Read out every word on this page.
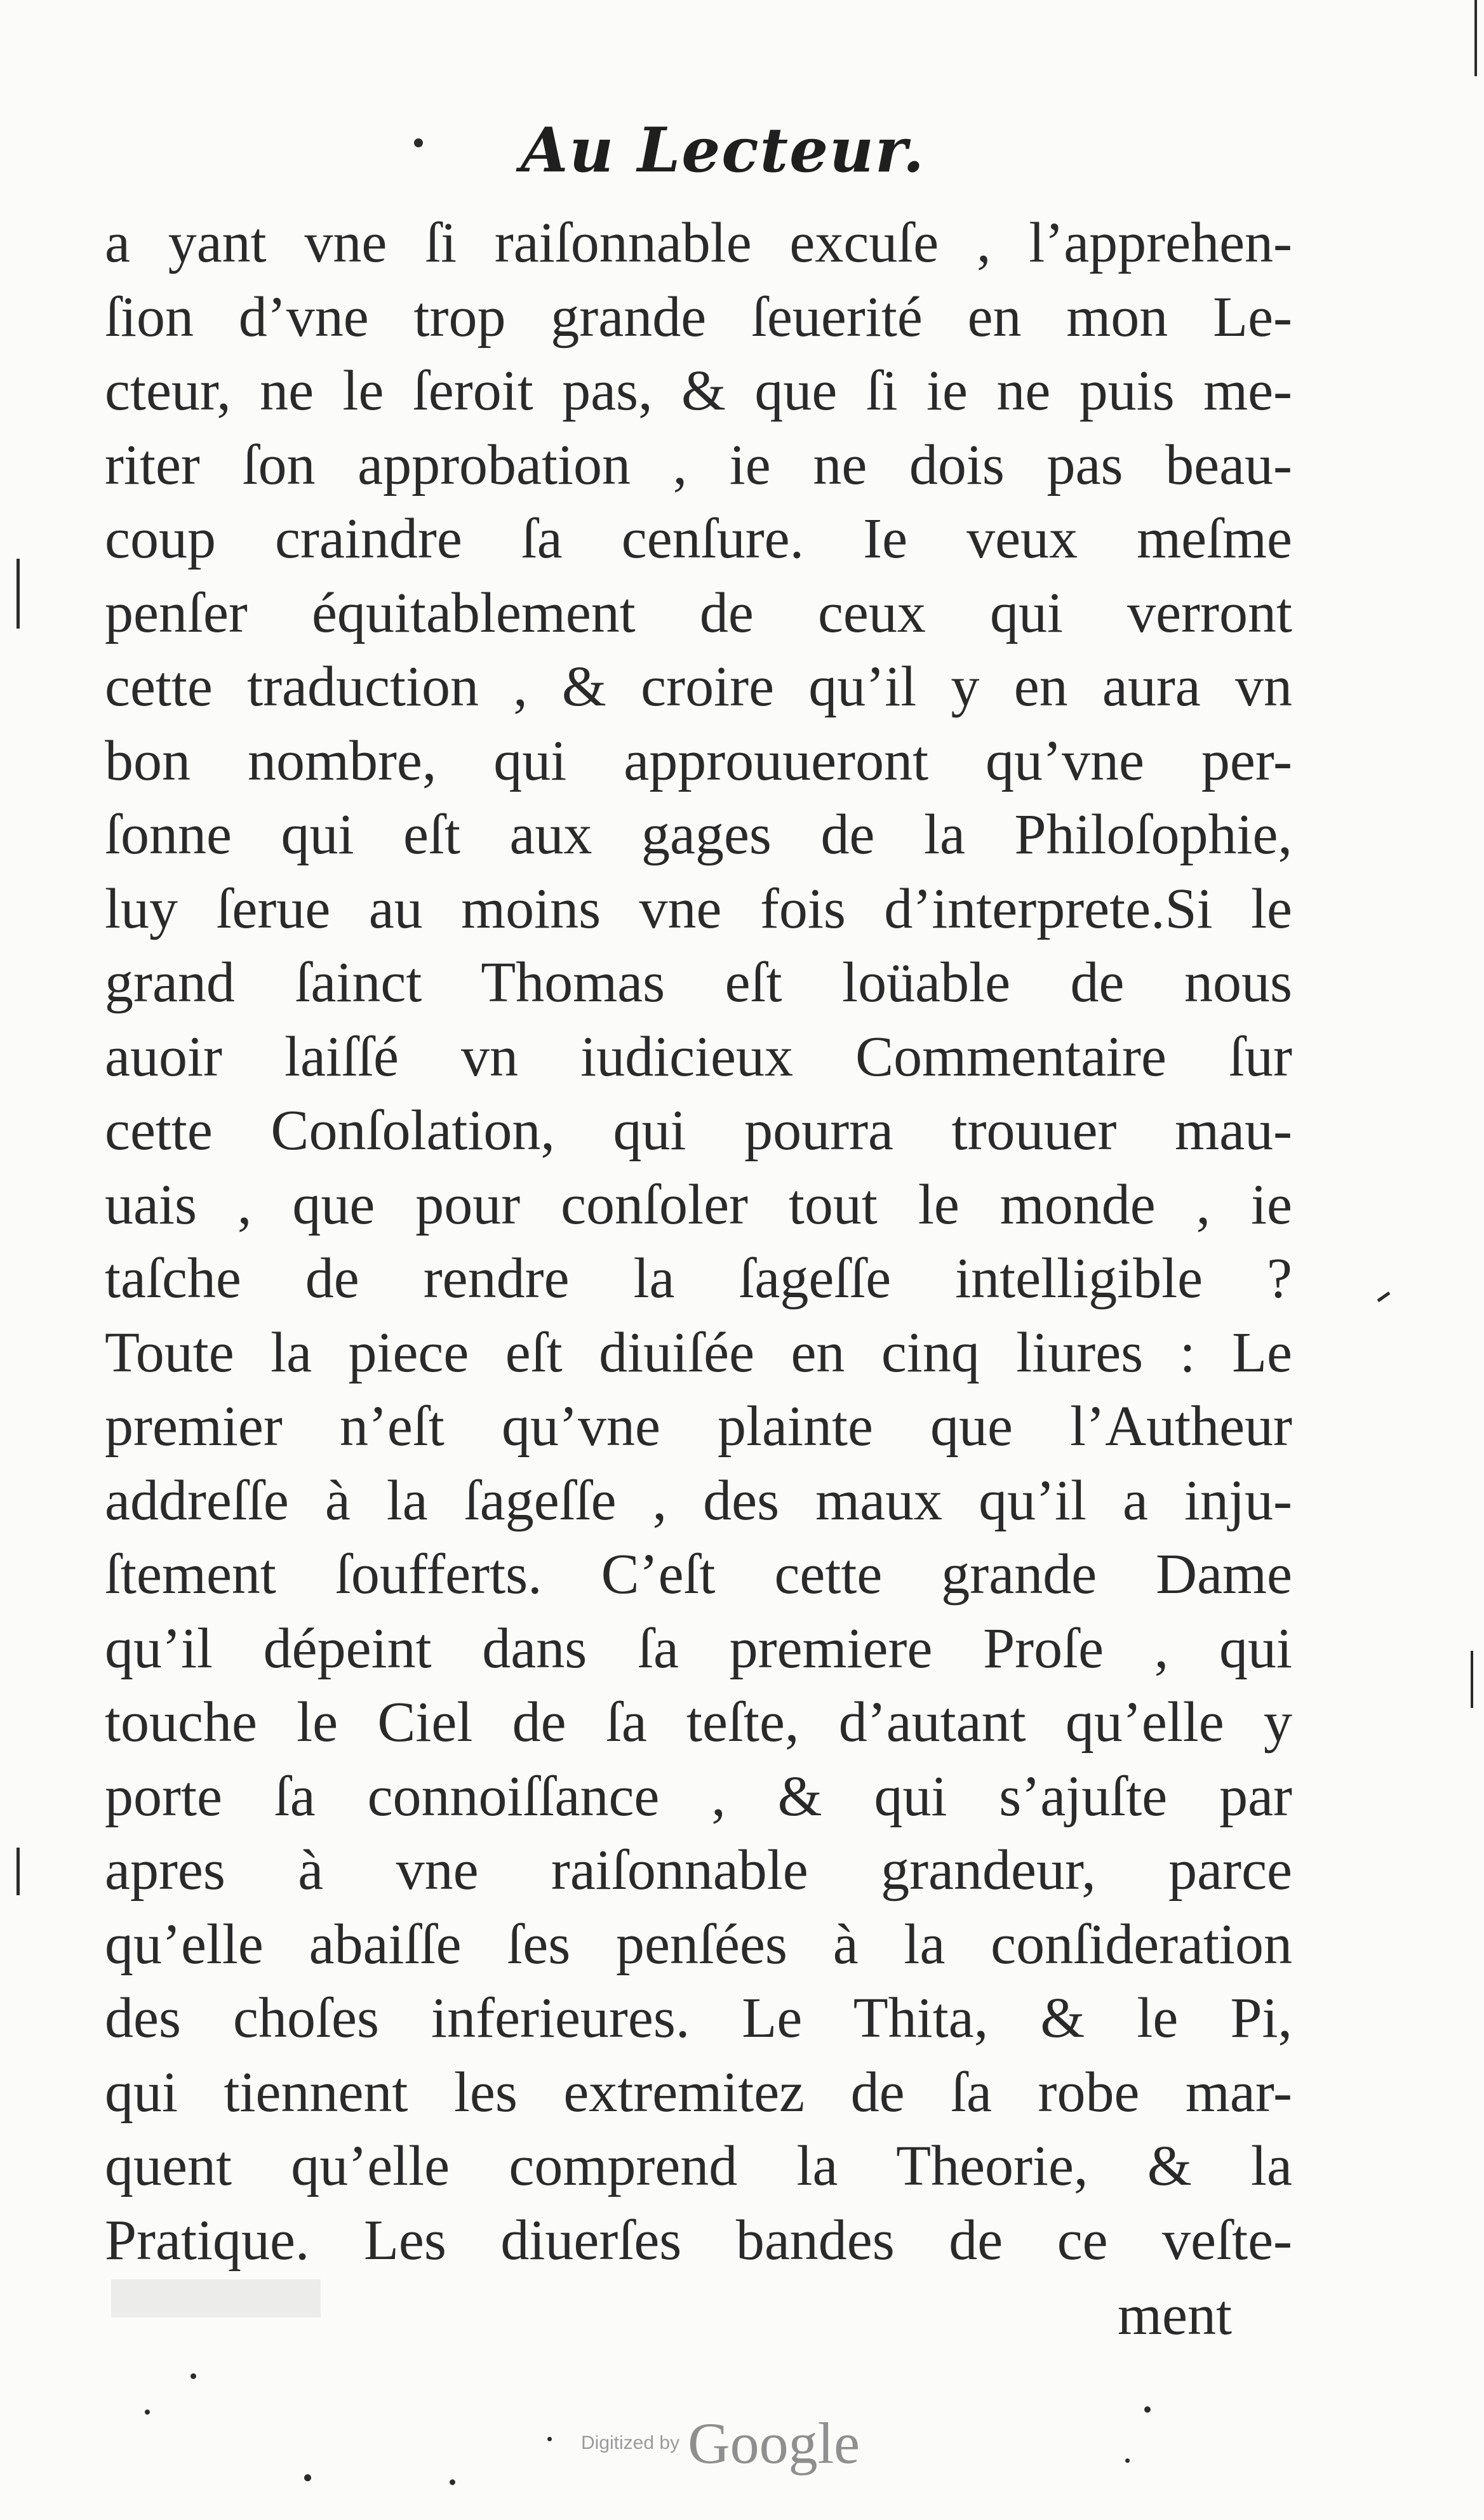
Au Lecteur.
a yant vne ſi raiſonnable excuſe , l’apprehen-
ſion d’vne trop grande ſeuerité en mon Le-
cteur, ne le ſeroit pas, & que ſi ie ne puis me-
riter ſon approbation , ie ne dois pas beau-
coup craindre ſa cenſure. Ie veux meſme
penſer équitablement de ceux qui verront
cette traduction , & croire qu’il y en aura vn
bon nombre, qui approuueront qu’vne per-
ſonne qui eſt aux gages de la Philoſophie,
luy ſerue au moins vne fois d’interprete.Si le
grand ſainct Thomas eſt loüable de nous
auoir laiſſé vn iudicieux Commentaire ſur
cette Conſolation, qui pourra trouuer mau-
uais , que pour conſoler tout le monde , ie
taſche de rendre la ſageſſe intelligible ?
Toute la piece eſt diuiſée en cinq liures : Le
premier n’eſt qu’vne plainte que l’Autheur
addreſſe à la ſageſſe , des maux qu’il a inju-
ſtement ſoufferts. C’eſt cette grande Dame
qu’il dépeint dans ſa premiere Proſe , qui
touche le Ciel de ſa teſte, d’autant qu’elle y
porte ſa connoiſſance , & qui s’ajuſte par
apres à vne raiſonnable grandeur, parce
qu’elle abaiſſe ſes penſées à la conſideration
des choſes inferieures. Le Thita, & le Pi,
qui tiennent les extremitez de ſa robe mar-
quent qu’elle comprend la Theorie, & la
Pratique. Les diuerſes bandes de ce veſte-
ment
Digitized by Google
